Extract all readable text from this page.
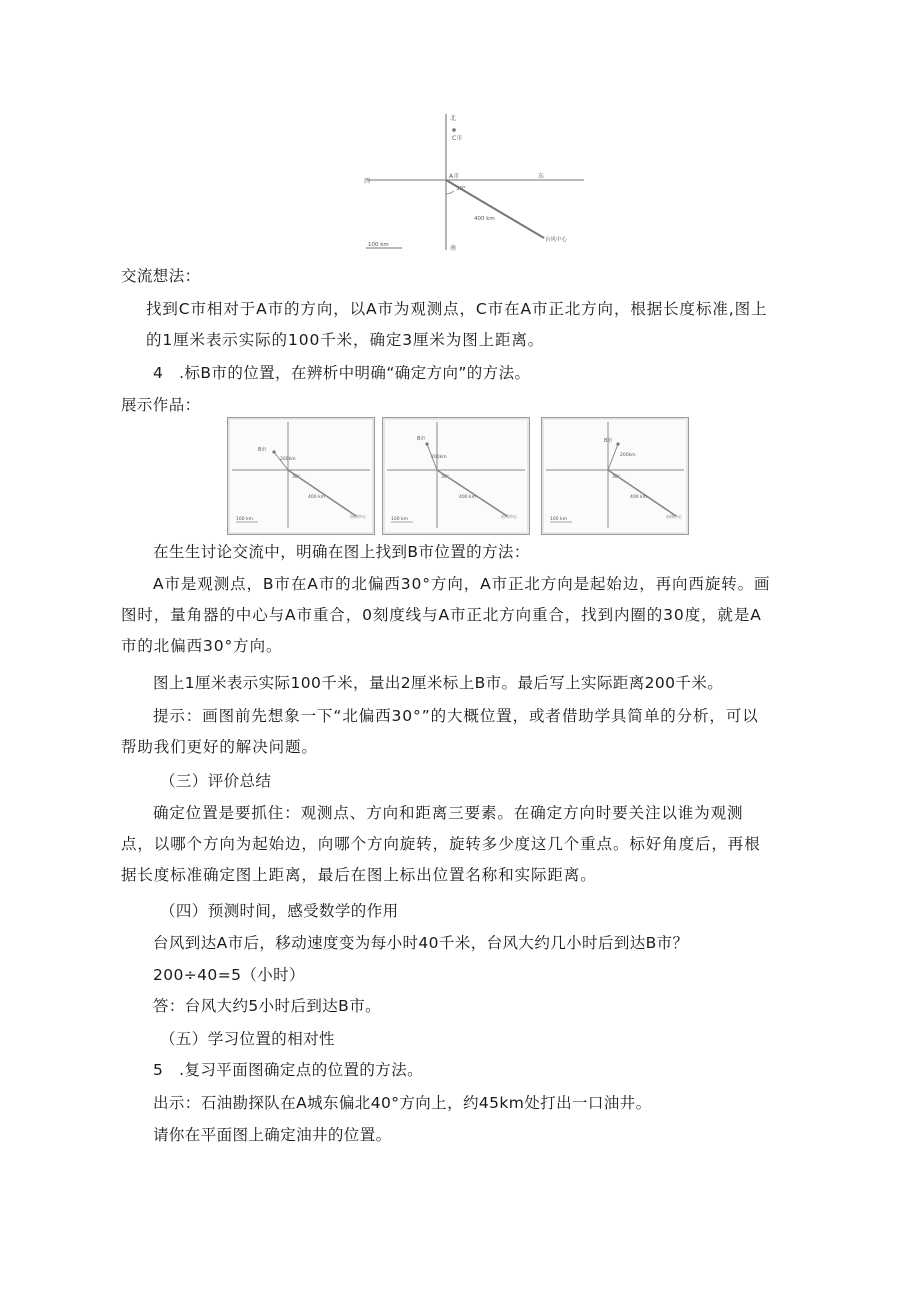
北
C市
西
东
A市
南
30°
400 km
台风中心
100 km
交流想法：
找到C市相对于A市的方向，以A市为观测点，C市在A市正北方向，根据长度标准,图上的1厘米表示实际的100千米，确定3厘米为图上距离。
4　.标B市的位置，在辨析中明确“确定方向”的方法。
展示作品：
B市
200km
30°
400 km
台风中心
100 km
B市
200km
30°
400 km
台风中心
100 km
B市
200km
30°
400 km
台风中心
100 km
在生生讨论交流中，明确在图上找到B市位置的方法：
A市是观测点，B市在A市的北偏西30°方向，A市正北方向是起始边，再向西旋转。画图时，量角器的中心与A市重合，0刻度线与A市正北方向重合，找到内圈的30度，就是A市的北偏西30°方向。
图上1厘米表示实际100千米，量出2厘米标上B市。最后写上实际距离200千米。
提示：画图前先想象一下“北偏西30°”的大概位置，或者借助学具简单的分析，可以帮助我们更好的解决问题。
（三）评价总结
确定位置是要抓住：观测点、方向和距离三要素。在确定方向时要关注以谁为观测点，以哪个方向为起始边，向哪个方向旋转，旋转多少度这几个重点。标好角度后，再根据长度标准确定图上距离，最后在图上标出位置名称和实际距离。
（四）预测时间，感受数学的作用
台风到达A市后，移动速度变为每小时40千米，台风大约几小时后到达B市？
200÷40=5（小时）
答：台风大约5小时后到达B市。
（五）学习位置的相对性
5　.复习平面图确定点的位置的方法。
出示：石油勘探队在A城东偏北40°方向上，约45km处打出一口油井。
请你在平面图上确定油井的位置。
